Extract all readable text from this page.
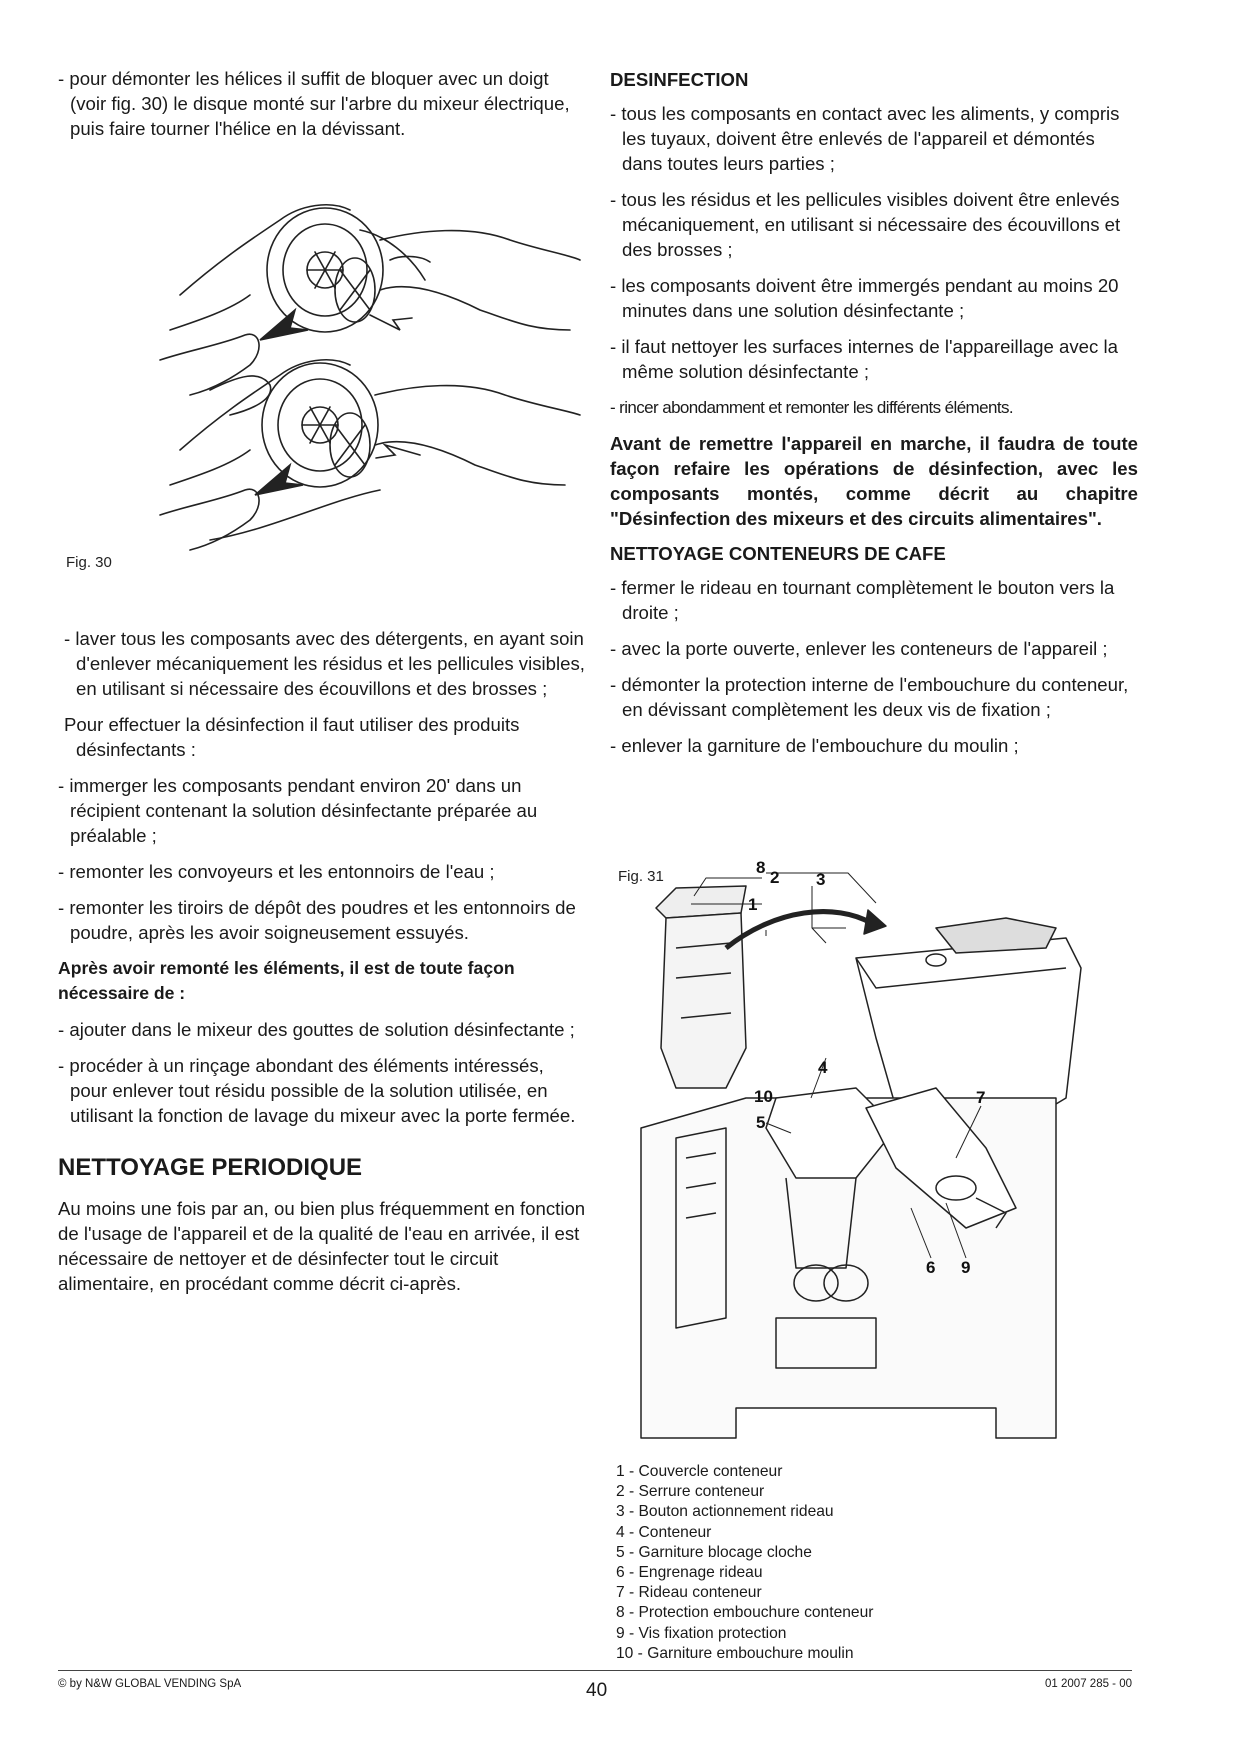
- pour démonter les hélices il suffit de bloquer avec un doigt (voir fig. 30) le disque monté sur l'arbre du mixeur électrique, puis faire tourner l'hélice en la dévissant.

Fig. 30

- laver tous les composants avec des détergents, en ayant soin d'enlever mécaniquement les résidus et les pellicules visibles, en utilisant si nécessaire des écouvillons et des brosses ;

Pour effectuer la désinfection il faut utiliser des produits désinfectants :

- immerger les composants pendant environ 20' dans un récipient contenant la solution désinfectante préparée au préalable ;

- remonter les convoyeurs et les entonnoirs de l'eau ;

- remonter les tiroirs de dépôt des poudres et les entonnoirs de poudre, après les avoir soigneusement essuyés.

Après avoir remonté les éléments, il est de toute façon nécessaire de :

- ajouter dans le mixeur des gouttes de solution désinfectante ;

- procéder à un rinçage abondant des éléments intéressés, pour enlever tout résidu possible de la solution utilisée, en utilisant la fonction de lavage du mixeur avec la porte fermée.

NETTOYAGE PERIODIQUE

Au moins une fois par an, ou bien plus fréquemment en fonction de l'usage de l'appareil et de la qualité de l'eau en arrivée, il est nécessaire de nettoyer et de désinfecter tout le circuit alimentaire, en procédant comme décrit ci-après.

DESINFECTION

- tous les composants en contact avec les aliments, y compris les tuyaux, doivent être enlevés de l'appareil et démontés dans toutes leurs parties ;

- tous les résidus et les pellicules visibles doivent être enlevés mécaniquement, en utilisant si nécessaire des écouvillons et des brosses ;

- les composants doivent être immergés pendant au moins 20 minutes dans une solution désinfectante ;

- il faut nettoyer les surfaces internes de l'appareillage avec la même solution désinfectante ;

- rincer abondamment et remonter les différents éléments.

Avant de remettre l'appareil en marche, il faudra de toute façon refaire les opérations de désinfection, avec les composants montés, comme décrit au chapitre "Désinfection des mixeurs et des circuits alimentaires".

NETTOYAGE CONTENEURS DE CAFE

- fermer le rideau en tournant complètement le bouton vers la droite ;

- avec la porte ouverte, enlever les conteneurs de l'appareil ;

- démonter la protection interne de l'embouchure du conteneur, en dévissant complètement les deux vis de fixation ;

- enlever la garniture de l'embouchure du moulin ;

Fig. 31
1
2 3
4
5
6
7
8
9
10
1 - Couvercle conteneur
2 - Serrure conteneur
3 - Bouton actionnement rideau
4 - Conteneur
5 - Garniture blocage cloche
6 - Engrenage rideau
7 - Rideau conteneur
8 - Protection embouchure conteneur
9 - Vis fixation protection
10 - Garniture embouchure moulin
© by N&W GLOBAL VENDING SpA	40	01 2007 285 - 00
